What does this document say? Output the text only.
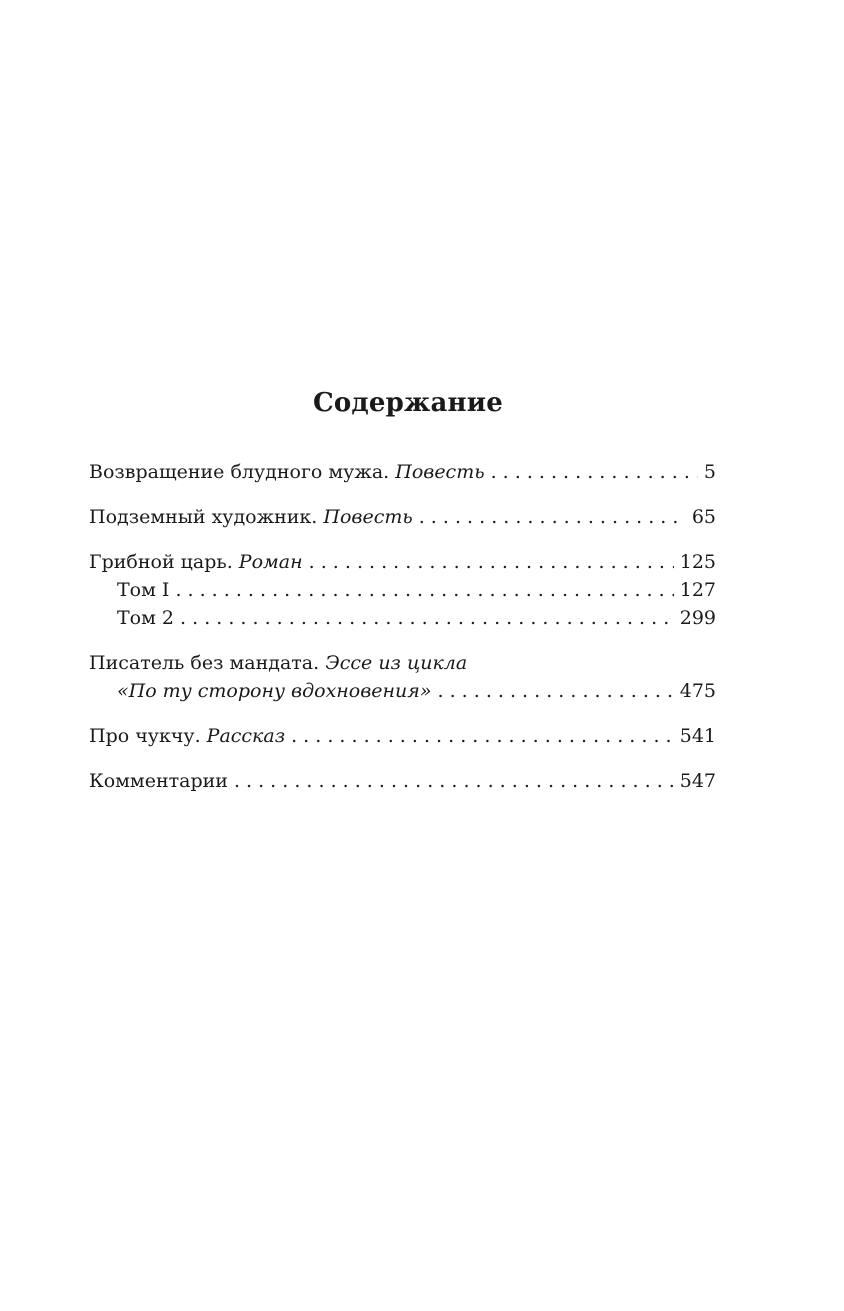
Содержание
Возвращение блудного мужа. Повесть . . .	5
Подземный художник. Повесть . . .	65
Грибной царь. Роман . . .	125
Том I . . .	127
Том 2 . . .	299
Писатель без мандата. Эссе из цикла
«По ту сторону вдохновения» . . .	475
Про чукчу. Рассказ . . .	541
Комментарии . . .	547
